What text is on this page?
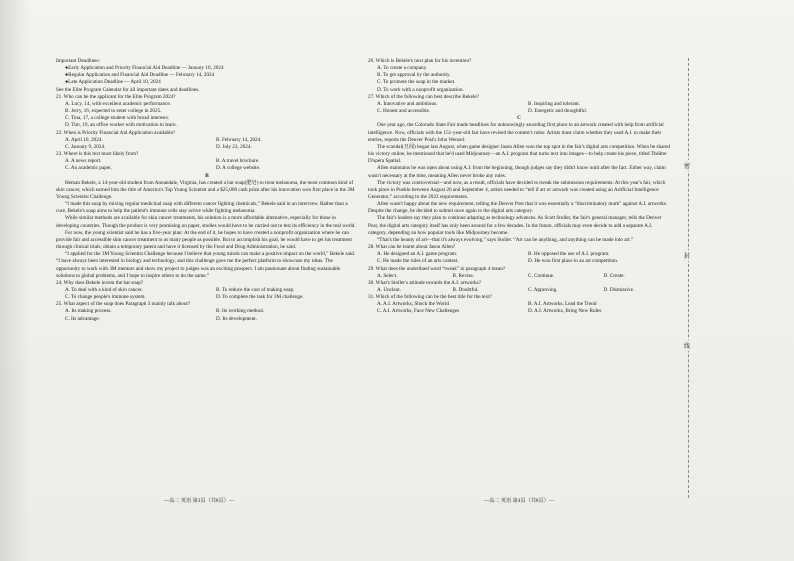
Important Deadlines:

●Early Application and Priority Financial Aid Deadline — January 10, 2024

●Regular Application and Financial Aid Deadline — February 14, 2024

●Late Application Deadline — April 10, 2024

See the Elite Program Calendar for all important dates and deadlines.

21. Who can be the applicant for the Elite Program 2024?

A. Lucy, 14, with excellent academic performance.

B. Jerry, 16, expected to enter college in 2025.

C. Tina, 17, a college student with broad interests.

D. Tim, 19, an office worker with motivation to learn.

22. When is Priority Financial Aid Application available?

A. April 10, 2024.	B. February 14, 2024.

C. January 9, 2024.	D. July 23, 2024.

23. Where is this text most likely from?

A. A news report.	B. A travel brochure.

C. An academic paper.	D. A college website.

B

Heman Bekele, a 14-year-old student from Annandale, Virginia, has created a bar soap(肥皂) to treat melanoma, the most common kind of skin cancer, which earned him the title of America's Top Young Scientist and a $25,000 cash prize after his innovation won first place in the 3M Young Scientist Challenge.

“I made this soap by mixing regular medicinal soap with different cancer fighting chemicals,” Bekele said in an interview. Rather than a cure, Bekele's soap aims to help the patient's immune cells stay active while fighting melanoma.

While similar methods are available for skin cancer treatments, his solution is a more affordable alternative, especially for those in developing countries. Though the product is very promising on paper, studies would have to be carried out to test its efficiency in the real world.

For now, the young scientist said he has a five-year plan: At the end of it, he hopes to have created a nonprofit organization where he can provide fair and accessible skin cancer treatment to as many people as possible. But to accomplish his goal, he would have to get his treatment through clinical trials, obtain a temporary patent and have it licensed by the Food and Drug Administration, he said.

“I applied for the 3M Young Scientist Challenge because I believe that young minds can make a positive impact on the world,” Bekele said. “I have always been interested in biology and technology, and this challenge gave me the perfect platform to showcase my ideas. The opportunity to work with 3M mentors and show my project to judges was an exciting prospect. I am passionate about finding sustainable solutions to global problems, and I hope to inspire others to do the same.”

24. Why does Bekele invent the bar soap?

A. To deal with a kind of skin cancer.	B. To reduce the cost of making soap.

C. To change people's immune system.	D. To complete the task for 3M challenge.

25. What aspect of the soap does Paragraph 3 mainly talk about?

A. Its making process.	B. Its working method.

C. Its advantage.	D. Its development.

26. Which is Bekele's next plan for his invention?

A. To create a company.

B. To get approval by the authority.

C. To promote the soap in the market.

D. To work with a nonprofit organization.

27. Which of the following can best describe Bekele?

A. Innovative and ambitious.	B. Inspiring and tolerant.

C. Honest and accessible.	D. Energetic and thoughtful.

C

One year ago, the Colorado State Fair made headlines for unknowingly awarding first place to an artwork created with help from artificial intelligence. Now, officials with the 151-year-old fair have revised the contest's rules: Artists must claim whether they used A.I. to make their entries, reports the Denver Post's John Wenzel.

The scandal(丑闻) began last August, when game designer Jason Allen won the top spot in the fair's digital arts competition. When he shared his victory online, he mentioned that he'd used Midjourney—an A.I. program that turns text into images—to help create his piece, titled Théâtre D'opéra Spatial.

Allen maintains he was open about using A.I. from the beginning, though judges say they didn't know until after the fact. Either way, claim wasn't necessary at the time, meaning Allen never broke any rules.

The victory was controversial—and now, as a result, officials have decided to tweak the submission requirements. At this year's fair, which took place in Pueblo between August 26 and September 4, artists needed to “tell if art or artwork was created using an Artificial Intelligence Generator,” according to the 2023 requirements.

Allen wasn't happy about the new requirement, telling the Denver Post that it was essentially a “discriminatory mark” against A.I. artworks. Despite the change, he decided to submit once again to the digital arts category.

The fair's leaders say they plan to continue adapting as technology advances. As Scott Stoller, the fair's general manager, tells the Denver Post, the digital arts category itself has only been around for a few decades. In the future, officials may even decide to add a separate A.I. category, depending on how popular tools like Midjourney become.

“That's the beauty of art—that it's always evolving,” says Stoller. “Art can be anything, and anything can be made into art.”

28. What can be learnt about Jason Allen?

A. He designed an A.I. game program.	B. He opposed the use of A.I. program.

C. He made the rules of an arts contest.	D. He won first place in an art competition.

29. What does the underlined word “tweak” in paragraph 4 mean?

A. Select.	B. Revise.	C. Continue.	D. Create.

30. What's Stoller's attitude towards the A.I. artworks?

A. Unclear.	B. Doubtful.	C. Approving.	D. Dismissive.

31. Which of the following can be the best title for the text?

A. A.I. Artworks, Shock the World	B. A.I. Artworks, Lead the Trend

C. A.I. Artworks, Face New Challenges	D. A.I. Artworks, Bring New Rules

—高二 英语 第3页（共8页）—	—高二 英语 第4页（共8页）—
密
封
线
